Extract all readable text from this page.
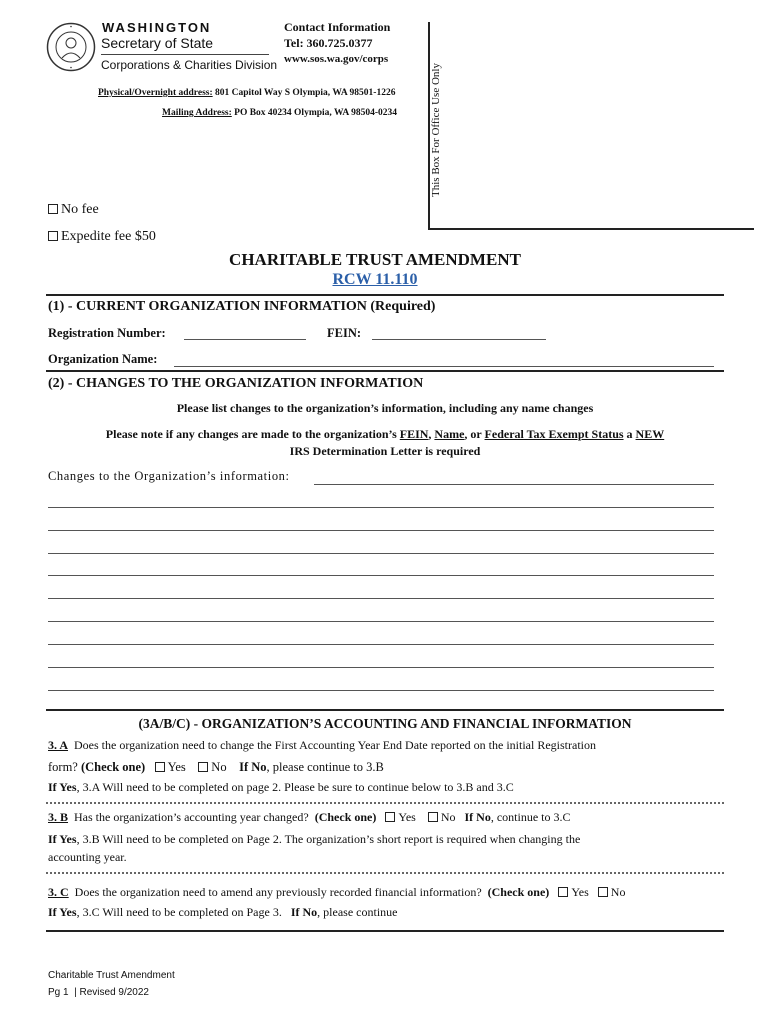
WASHINGTON
Secretary of State
Corporations & Charities Division
Contact Information
Tel: 360.725.0377
www.sos.wa.gov/corps
Physical/Overnight address: 801 Capitol Way S Olympia, WA 98501-1226
Mailing Address: PO Box 40234 Olympia, WA 98504-0234	This Box For Office Use Only
No fee
Expedite fee $50
CHARITABLE TRUST AMENDMENT
RCW 11.110
(1) - CURRENT ORGANIZATION INFORMATION (Required)
Registration Number:	FEIN:
Organization Name:
(2) - CHANGES TO THE ORGANIZATION INFORMATION
Please list changes to the organization’s information, including any name changes
Please note if any changes are made to the organization’s FEIN, Name, or Federal Tax Exempt Status a NEW
IRS Determination Letter is required
Changes to the Organization’s information:
(3A/B/C) - ORGANIZATION’S ACCOUNTING AND FINANCIAL INFORMATION
3. A Does the organization need to change the First Accounting Year End Date reported on the initial Registration
form? (Check one) Yes No If No, please continue to 3.B
If Yes, 3.A Will need to be completed on page 2. Please be sure to continue below to 3.B and 3.C
3. B Has the organization’s accounting year changed? (Check one) Yes No If No, continue to 3.C
If Yes, 3.B Will need to be completed on Page 2. The organization’s short report is required when changing the
accounting year.
3. C Does the organization need to amend any previously recorded financial information? (Check one) Yes No
If Yes, 3.C Will need to be completed on Page 3. If No, please continue
Charitable Trust Amendment
Pg 1  | Revised 9/2022
